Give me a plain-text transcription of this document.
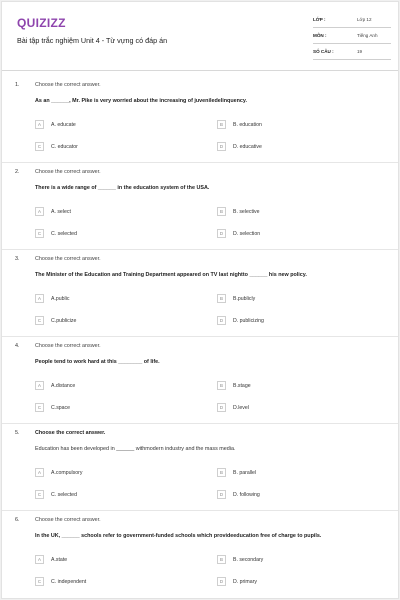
QUIZIZZ
Bài tập trắc nghiệm Unit 4 - Từ vựng có đáp án
LỚP :	Lớp 12
MÔN :	Tiếng Anh
SỐ CÂU :	19
1.	Choose the correct answer.
As an ______, Mr. Pike is very worried about the increasing of juveniledelinquency.
A	A. educate	B	B. education
C	C. educator	D	D. educative
2.	Choose the correct answer.
There is a wide range of ______ in the education system of the USA.
A	A. select	B	B. selective
C	C. selected	D	D. selection
3.	Choose the correct answer.
The Minister of the Education and Training Department appeared on TV last nightto ______ his new policy.
A	A.public	B	B.publicly
C	C.publicize	D	D. publicizing
4.	Choose the correct answer.
People tend to work hard at this ________ of life.
A	A.distance	B	B.stage
C	C.space	D	D.level
5.	Choose the correct answer.
Education has been developed in ______ withmodern industry and the mass media.
A	A.compulsory	B	B. parallel
C	C. selected	D	D. following
6.	Choose the correct answer.
In the UK, ______ schools refer to government-funded schools which provideeducation free of charge to pupils.
A	A.state	B	B. secondary
C	C. independent	D	D. primary
